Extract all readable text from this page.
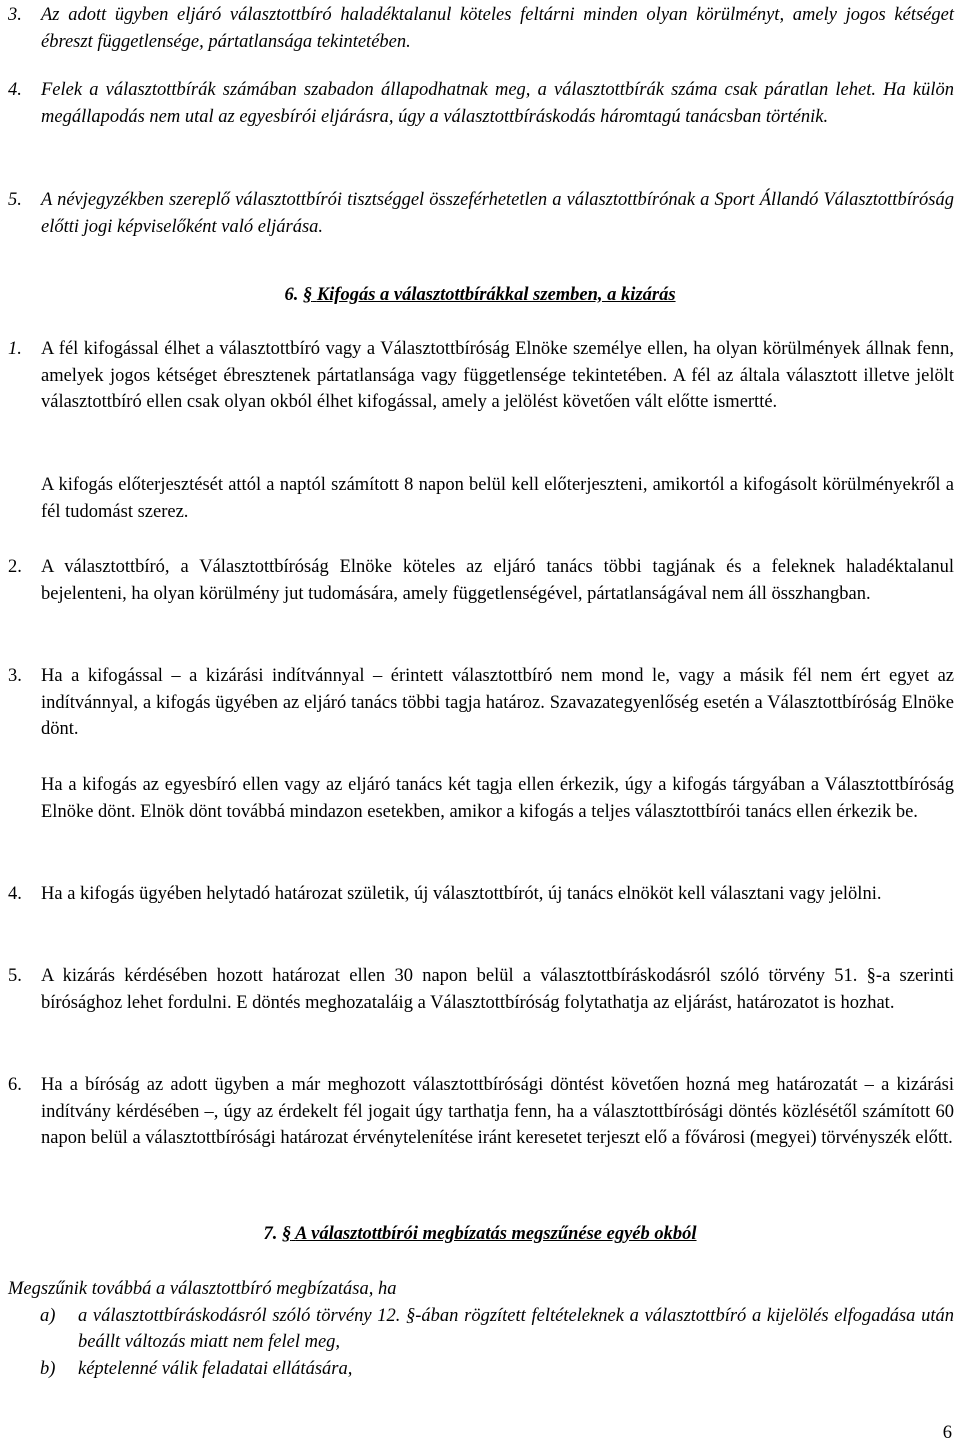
3. Az adott ügyben eljáró választottbíró haladéktalanul köteles feltárni minden olyan körülményt, amely jogos kétséget ébreszt függetlensége, pártatlansága tekintetében.

4. Felek a választottbírák számában szabadon állapodhatnak meg, a választottbírák száma csak páratlan lehet. Ha külön megállapodás nem utal az egyesbírói eljárásra, úgy a választottbíráskodás háromtagú tanácsban történik.

5. A névjegyzékben szereplő választottbírói tisztséggel összeférhetetlen a választottbírónak a Sport Állandó Választottbíróság előtti jogi képviselőként való eljárása.

6. § Kifogás a választottbírákkal szemben, a kizárás
1. A fél kifogással élhet a választottbíró vagy a Választottbíróság Elnöke személye ellen, ha olyan körülmények állnak fenn, amelyek jogos kétséget ébresztenek pártatlansága vagy függetlensége tekintetében. A fél az általa választott illetve jelölt választottbíró ellen csak olyan okból élhet kifogással, amely a jelölést követően vált előtte ismertté.

A kifogás előterjesztését attól a naptól számított 8 napon belül kell előterjeszteni, amikortól a kifogásolt körülményekről a fél tudomást szerez.

2. A választottbíró, a Választottbíróság Elnöke köteles az eljáró tanács többi tagjának és a feleknek haladéktalanul bejelenteni, ha olyan körülmény jut tudomására, amely függetlenségével, pártatlanságával nem áll összhangban.

3. Ha a kifogással – a kizárási indítvánnyal – érintett választottbíró nem mond le, vagy a másik fél nem ért egyet az indítvánnyal, a kifogás ügyében az eljáró tanács többi tagja határoz. Szavazategyenlőség esetén a Választottbíróság Elnöke dönt.

Ha a kifogás az egyesbíró ellen vagy az eljáró tanács két tagja ellen érkezik, úgy a kifogás tárgyában a Választottbíróság Elnöke dönt. Elnök dönt továbbá mindazon esetekben, amikor a kifogás a teljes választottbírói tanács ellen érkezik be.

4. Ha a kifogás ügyében helytadó határozat születik, új választottbírót, új tanács elnököt kell választani vagy jelölni.

5. A kizárás kérdésében hozott határozat ellen 30 napon belül a választottbíráskodásról szóló törvény 51. §-a szerinti bírósághoz lehet fordulni. E döntés meghozataláig a Választottbíróság folytathatja az eljárást, határozatot is hozhat.

6. Ha a bíróság az adott ügyben a már meghozott választottbírósági döntést követően hozná meg határozatát – a kizárási indítvány kérdésében –, úgy az érdekelt fél jogait úgy tarthatja fenn, ha a választottbírósági döntés közlésétől számított 60 napon belül a választottbírósági határozat érvénytelenítése iránt keresetet terjeszt elő a fővárosi (megyei) törvényszék előtt.

7. § A választottbírói megbízatás megszűnése egyéb okból

Megszűnik továbbá a választottbíró megbízatása, ha

a) a választottbíráskodásról szóló törvény 12. §-ában rögzített feltételeknek a választottbíró a kijelölés elfogadása után beállt változás miatt nem felel meg,

b) képtelenné válik feladatai ellátására,

6
